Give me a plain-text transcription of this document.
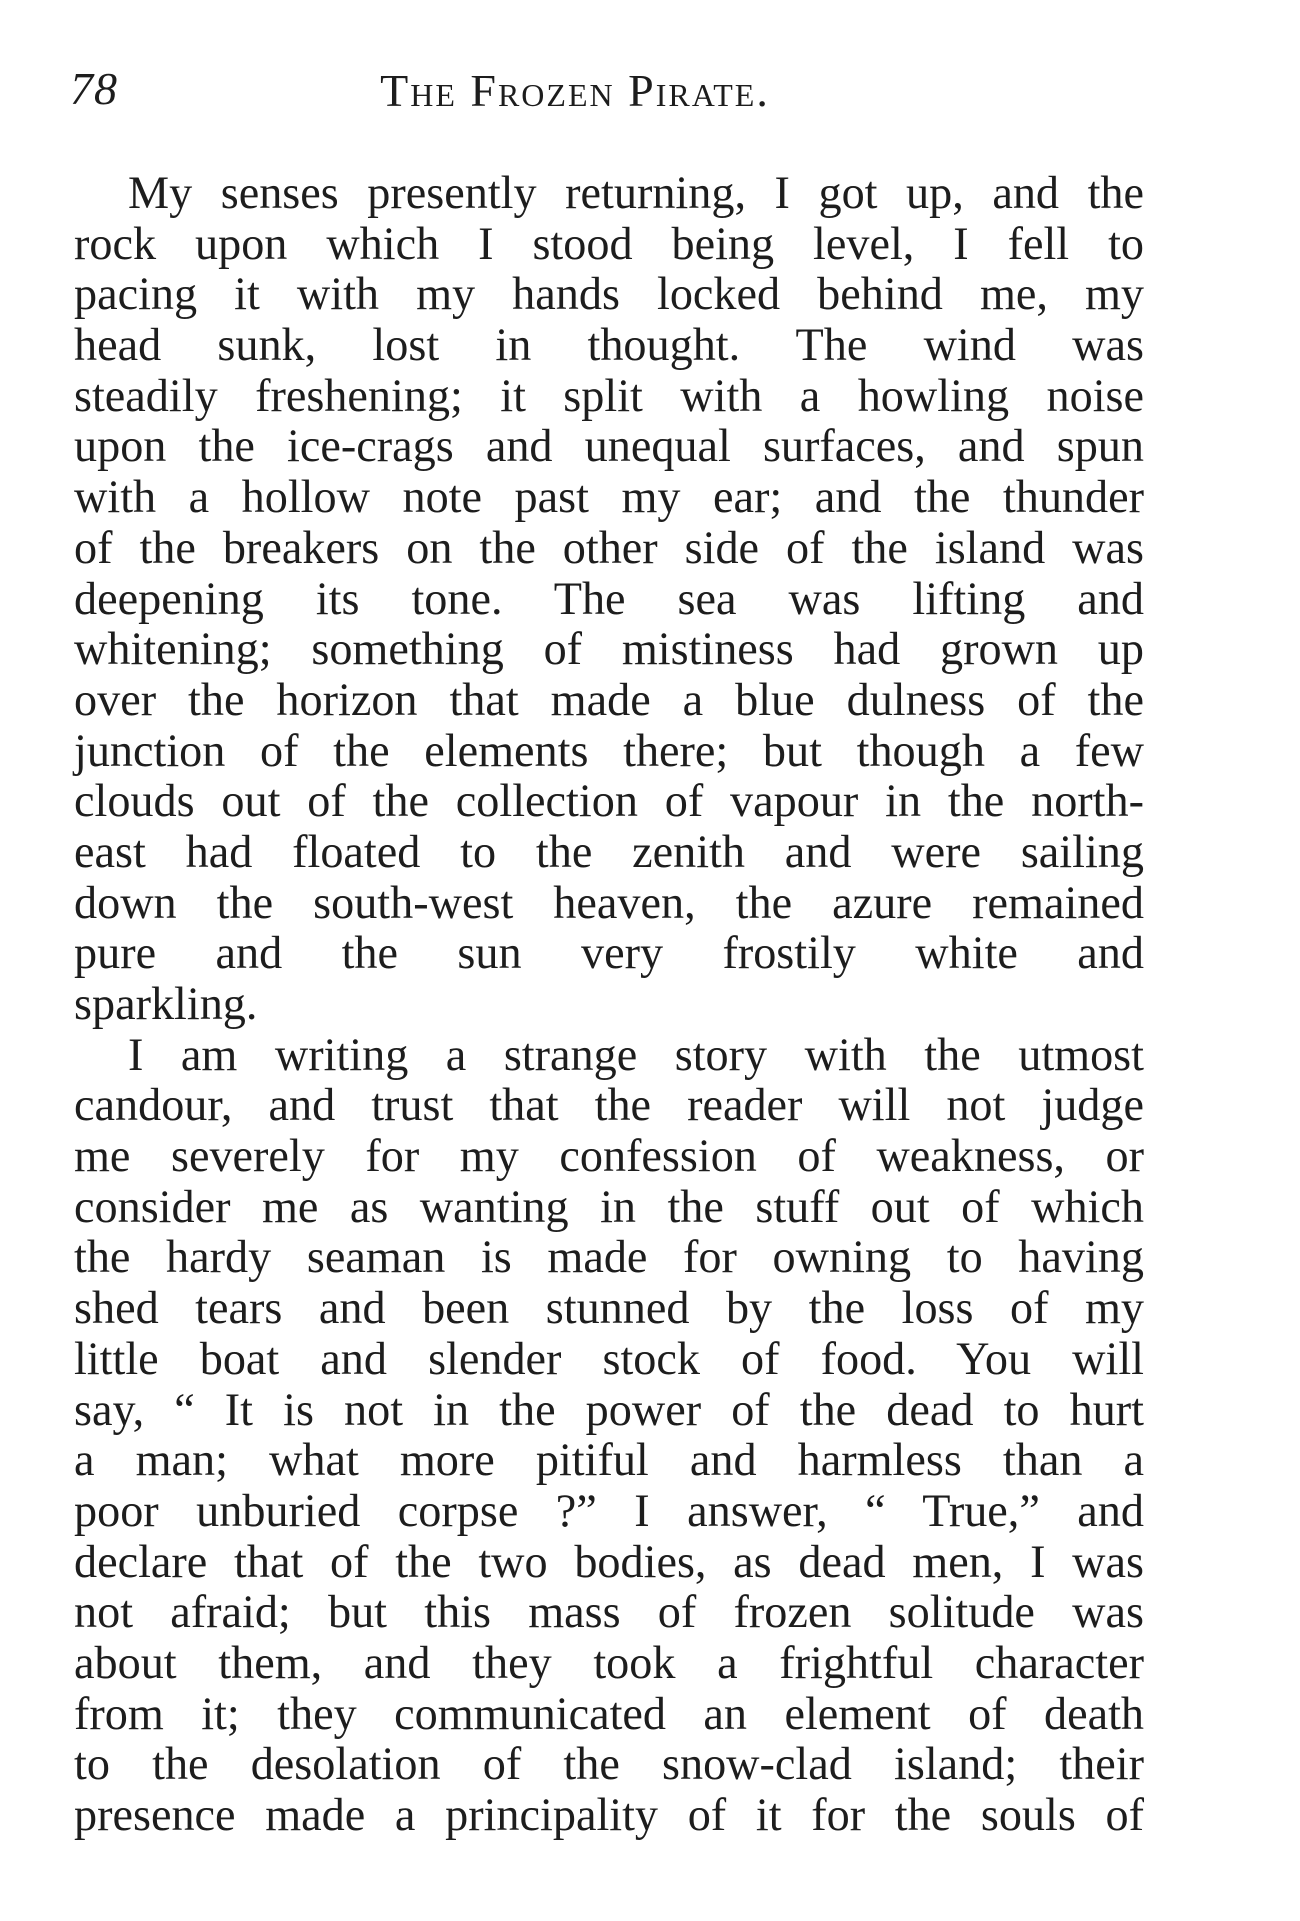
78	The Frozen Pirate.
My senses presently returning, I got up, and the
rock upon which I stood being level, I fell to
pacing it with my hands locked behind me, my
head sunk, lost in thought. The wind was
steadily freshening; it split with a howling noise
upon the ice-crags and unequal surfaces, and spun
with a hollow note past my ear; and the thunder
of the breakers on the other side of the island was
deepening its tone. The sea was lifting and
whitening; something of mistiness had grown up
over the horizon that made a blue dulness of the
junction of the elements there; but though a few
clouds out of the collection of vapour in the north-
east had floated to the zenith and were sailing
down the south-west heaven, the azure remained
pure and the sun very frostily white and
sparkling.
I am writing a strange story with the utmost
candour, and trust that the reader will not judge
me severely for my confession of weakness, or
consider me as wanting in the stuff out of which
the hardy seaman is made for owning to having
shed tears and been stunned by the loss of my
little boat and slender stock of food. You will
say, “ It is not in the power of the dead to hurt
a man; what more pitiful and harmless than a
poor unburied corpse ?” I answer, “ True,” and
declare that of the two bodies, as dead men, I was
not afraid; but this mass of frozen solitude was
about them, and they took a frightful character
from it; they communicated an element of death
to the desolation of the snow-clad island; their
presence made a principality of it for the souls of
